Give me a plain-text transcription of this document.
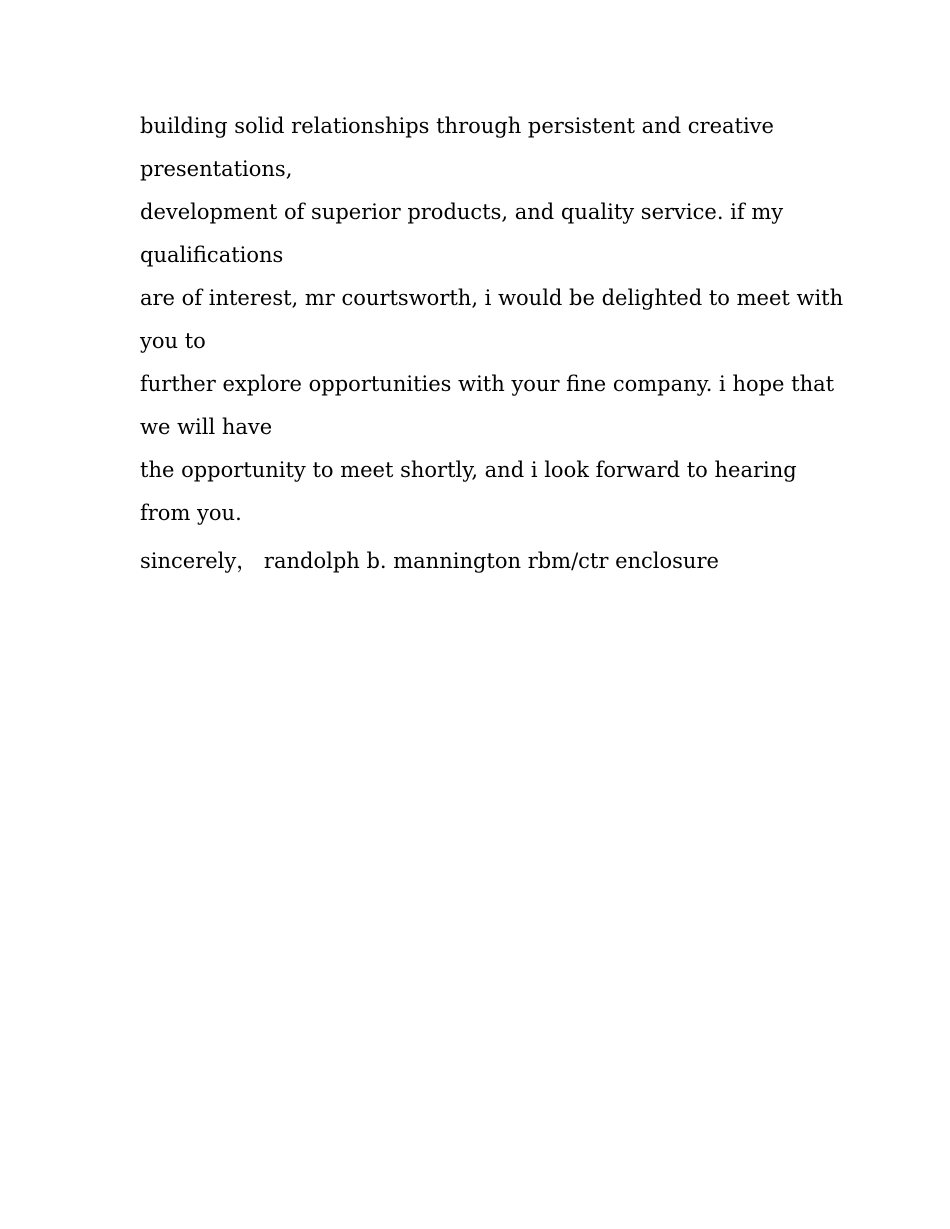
building solid relationships through persistent and creative
presentations,
development of superior products, and quality service. if my
qualifications
are of interest, mr courtsworth, i would be delighted to meet with
you to
further explore opportunities with your fine company. i hope that
we will have
the opportunity to meet shortly, and i look forward to hearing
from you.

sincerely， randolph b. mannington rbm/ctr enclosure
